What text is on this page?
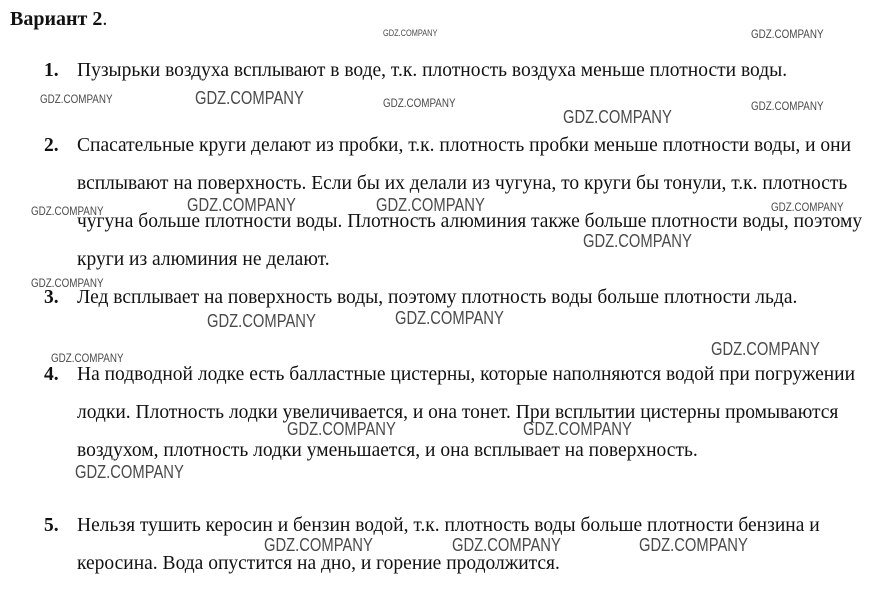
Вариант 2.
1. Пузырьки воздуха всплывают в воде, т.к. плотность воздуха меньше плотности воды.
2. Спасательные круги делают из пробки, т.к. плотность пробки меньше плотности воды, и они всплывают на поверхность. Если бы их делали из чугуна, то круги бы тонули, т.к. плотность чугуна больше плотности воды. Плотность алюминия также больше плотности воды, поэтому круги из алюминия не делают.
3. Лед всплывает на поверхность воды, поэтому плотность воды больше плотности льда.
4. На подводной лодке есть балластные цистерны, которые наполняются водой при погружении лодки. Плотность лодки увеличивается, и она тонет. При всплытии цистерны промываются воздухом, плотность лодки уменьшается, и она всплывает на поверхность.
5. Нельзя тушить керосин и бензин водой, т.к. плотность воды больше плотности бензина и керосина. Вода опустится на дно, и горение продолжится.
GDZ.COMPANY	GDZ.COMPANY
GDZ.COMPANY	GDZ.COMPANY	GDZ.COMPANY	GDZ.COMPANY
GDZ.COMPANY
GDZ.COMPANY	GDZ.COMPANY
GDZ.COMPANY	GDZ.COMPANY
GDZ.COMPANY
GDZ.COMPANY
GDZ.COMPANY	GDZ.COMPANY
GDZ.COMPANY
GDZ.COMPANY
GDZ.COMPANY	GDZ.COMPANY
GDZ.COMPANY
GDZ.COMPANY	GDZ.COMPANY	GDZ.COMPANY
